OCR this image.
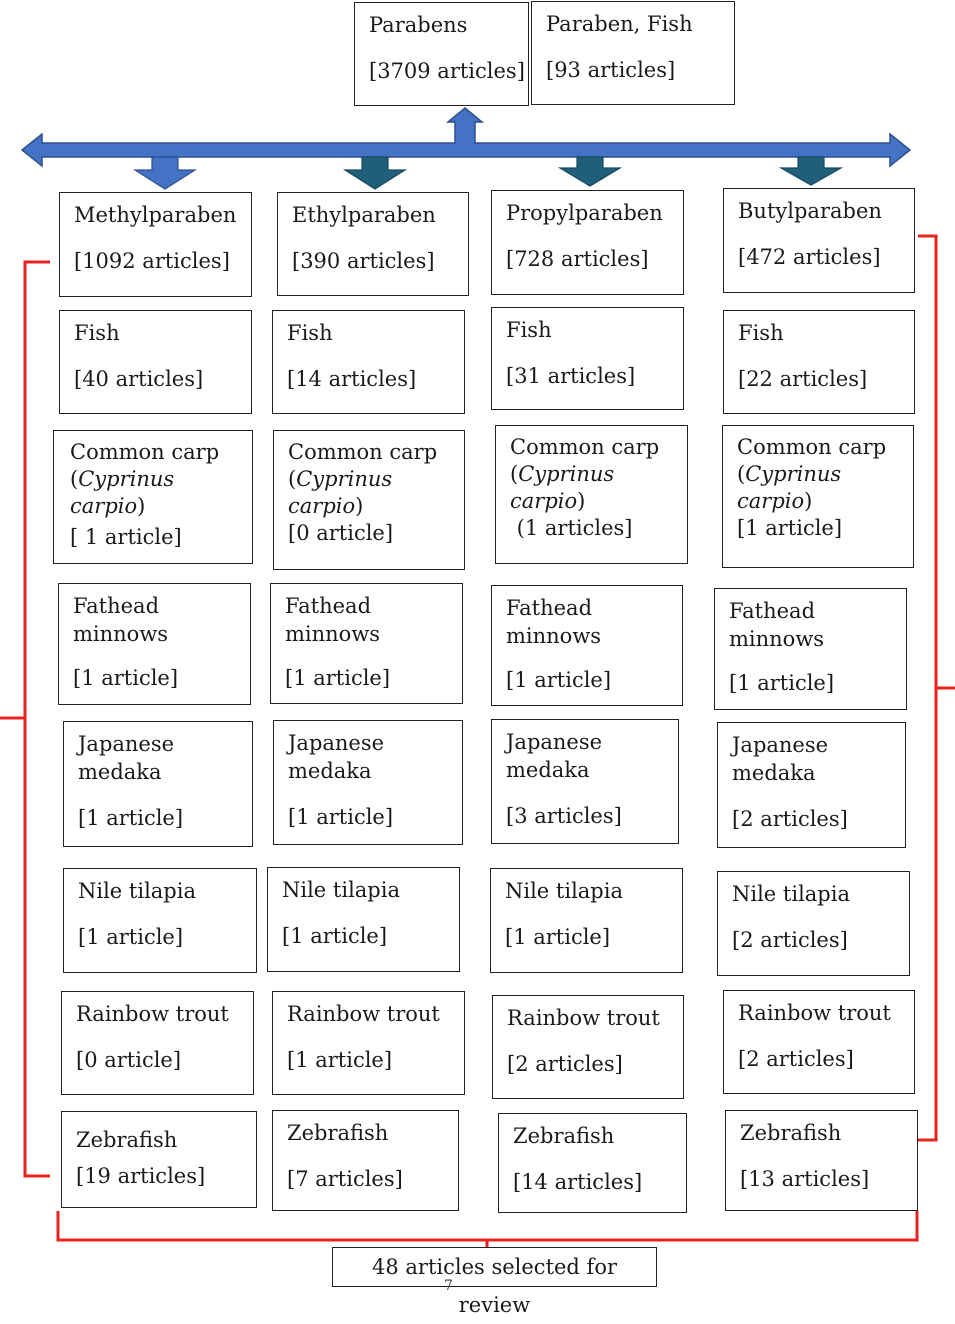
Parabens
[3709 articles]
Paraben, Fish
[93 articles]
Methylparaben
[1092 articles]
Fish
[40 articles]
Common carp
(Cyprinus
carpio)
[ 1 article]
Fathead
minnows
[1 article]
Japanese
medaka
[1 article]
Nile tilapia
[1 article]
Rainbow trout
[0 article]
Zebrafish
[19 articles]
Ethylparaben
[390 articles]
Fish
[14 articles]
Common carp
(Cyprinus
carpio)
[0 article]
Fathead
minnows
[1 article]
Japanese
medaka
[1 article]
Nile tilapia
[1 article]
Rainbow trout
[1 article]
Zebrafish
[7 articles]
Propylparaben
[728 articles]
Fish
[31 articles]
Common carp
(Cyprinus
carpio)
(1 articles]
Fathead
minnows
[1 article]
Japanese
medaka
[3 articles]
Nile tilapia
[1 article]
Rainbow trout
[2 articles]
Zebrafish
[14 articles]
Butylparaben
[472 articles]
Fish
[22 articles]
Common carp
(Cyprinus
carpio)
[1 article]
Fathead
minnows
[1 article]
Japanese
medaka
[2 articles]
Nile tilapia
[2 articles]
Rainbow trout
[2 articles]
Zebrafish
[13 articles]
48 articles selected for review
7
